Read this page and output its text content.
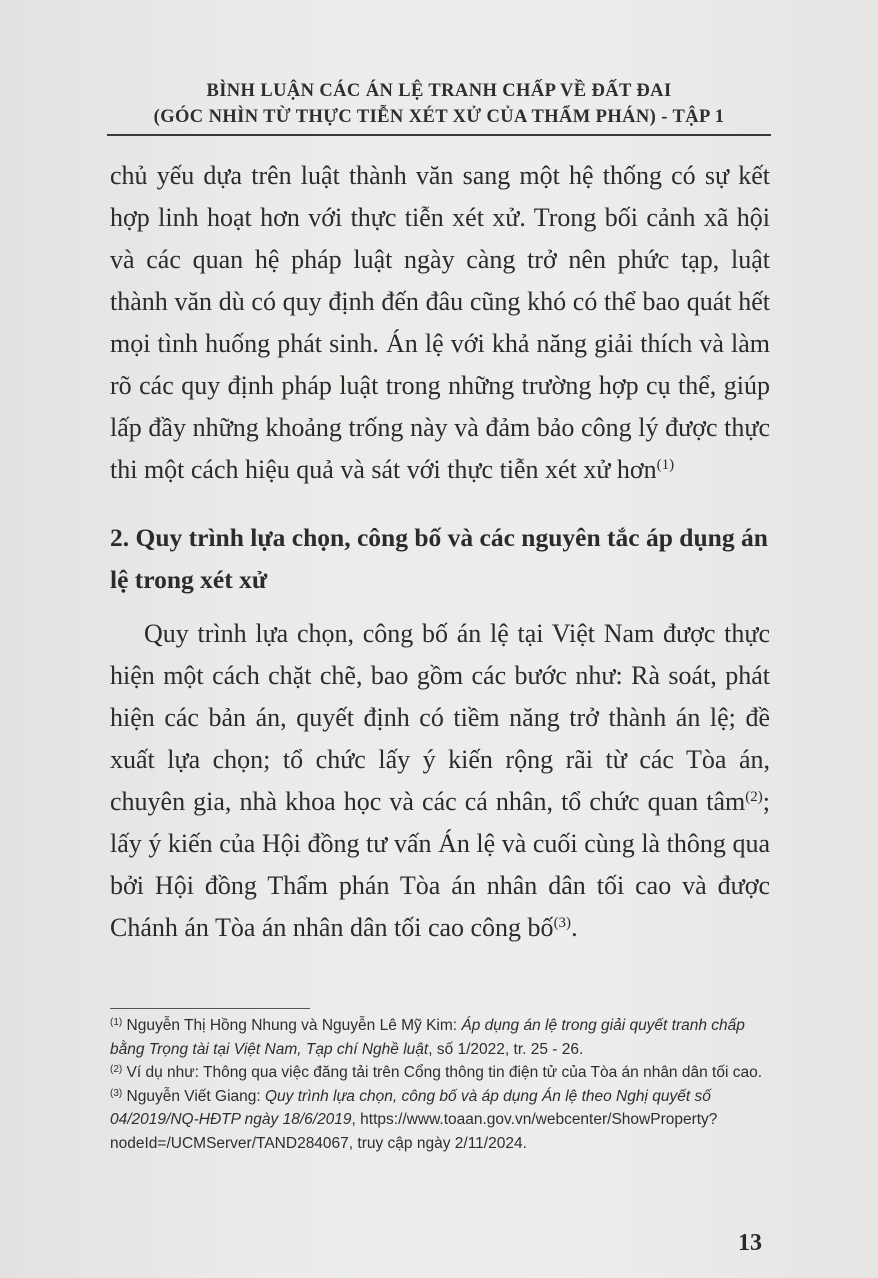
BÌNH LUẬN CÁC ÁN LỆ TRANH CHẤP VỀ ĐẤT ĐAI
(GÓC NHÌN TỪ THỰC TIỄN XÉT XỬ CỦA THẨM PHÁN) - TẬP 1

chủ yếu dựa trên luật thành văn sang một hệ thống có sự kết hợp linh hoạt hơn với thực tiễn xét xử. Trong bối cảnh xã hội và các quan hệ pháp luật ngày càng trở nên phức tạp, luật thành văn dù có quy định đến đâu cũng khó có thể bao quát hết mọi tình huống phát sinh. Án lệ với khả năng giải thích và làm rõ các quy định pháp luật trong những trường hợp cụ thể, giúp lấp đầy những khoảng trống này và đảm bảo công lý được thực thi một cách hiệu quả và sát với thực tiễn xét xử hơn$^{(1)}$

2. Quy trình lựa chọn, công bố và các nguyên tắc áp dụng án lệ trong xét xử

Quy trình lựa chọn, công bố án lệ tại Việt Nam được thực hiện một cách chặt chẽ, bao gồm các bước như: Rà soát, phát hiện các bản án, quyết định có tiềm năng trở thành án lệ; đề xuất lựa chọn; tổ chức lấy ý kiến rộng rãi từ các Tòa án, chuyên gia, nhà khoa học và các cá nhân, tổ chức quan tâm$^{(2)}$; lấy ý kiến của Hội đồng tư vấn Án lệ và cuối cùng là thông qua bởi Hội đồng Thẩm phán Tòa án nhân dân tối cao và được Chánh án Tòa án nhân dân tối cao công bố$^{(3)}$.

$^{(1)}$ Nguyễn Thị Hồng Nhung và Nguyễn Lê Mỹ Kim: Áp dụng án lệ trong giải quyết tranh chấp bằng Trọng tài tại Việt Nam, Tạp chí Nghề luật, số 1/2022, tr. 25 - 26.

$^{(2)}$ Ví dụ như: Thông qua việc đăng tải trên Cổng thông tin điện tử của Tòa án nhân dân tối cao.

$^{(3)}$ Nguyễn Viết Giang: Quy trình lựa chọn, công bố và áp dụng Án lệ theo Nghị quyết số 04/2019/NQ-HĐTP ngày 18/6/2019, https://www.toaan.gov.vn/webcenter/ShowProperty?nodeId=/UCMServer/TAND284067, truy cập ngày 2/11/2024.

13
